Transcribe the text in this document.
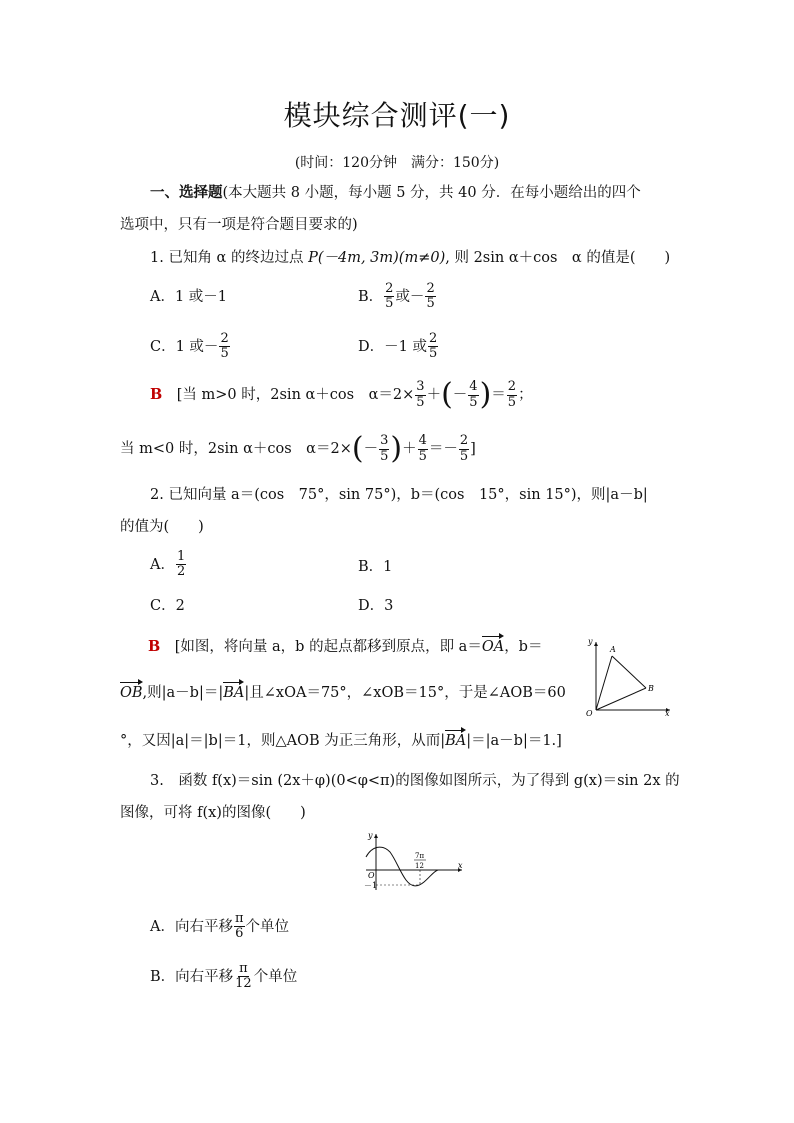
模块综合测评(一)
(时间：120分钟　满分：150分)
一、选择题(本大题共 8 小题，每小题 5 分，共 40 分．在每小题给出的四个
选项中，只有一项是符合题目要求的)
1. 已知角 α 的终边过点 P(－4m, 3m)(m≠0), 则 2sin α＋cos　α 的值是(　　)
A．1 或－1	B． $\frac{2}{5}$ 或－ $\frac{2}{5}$
C．1 或－ $\frac{2}{5}$	D．－1 或 $\frac{2}{5}$
B　 [当 m>0 时，2sin α＋cos　$\alpha=2\times \frac{3}{5}$ ＋(－ $\frac{4}{5}$ )＝ $\frac{2}{5}$ ；
当 m<0 时，2sin α＋cos　$\alpha=2\times(- \frac{3}{5}$ )＋ $\frac{4}{5} =- \frac{2}{5}$ ]
2. 已知向量 a＝(cos　75°，sin 75°)，b＝(cos　15°，sin 15°)，则|a－b|
的值为(　　)
A． $\frac{1}{2}$	B．1
C．2	D．3
B　 [如图，将向量 a，b 的起点都移到原点，即 a＝OA，b＝
OB,则|a－b|＝|BA|且∠xOA＝75°，∠xOB＝15°，于是∠AOB＝60
°，又因|a|＝|b|＝1，则△AOB 为正三角形，从而|BA|＝|a－b|＝1.]
y
x
O
A
B
3.　函数 f(x)＝sin (2x＋φ)(0<φ<π)的图像如图所示，为了得到 g(x)＝sin 2x 的
图像，可将 f(x)的图像(　　)
y
x
O
－1
7π
12
A．向右平移 $\frac{\pi}{6}$ 个单位
B．向右平移 $\frac{\pi}{12}$ 个单位
